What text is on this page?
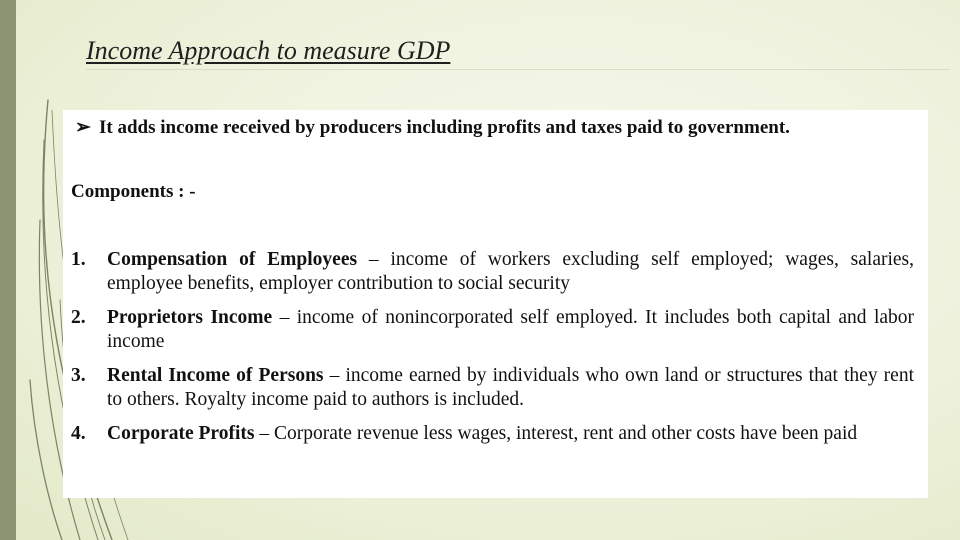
Income Approach to measure GDP
➢ It adds income received by producers including profits and taxes paid to government.
Components : -
1. Compensation of Employees – income of workers excluding self employed; wages, salaries, employee benefits, employer contribution to social security
2. Proprietors Income – income of nonincorporated self employed. It includes both capital and labor income
3. Rental Income of Persons – income earned by individuals who own land or structures that they rent to others. Royalty income paid to authors is included.
4. Corporate Profits – Corporate revenue less wages, interest, rent and other costs have been paid
